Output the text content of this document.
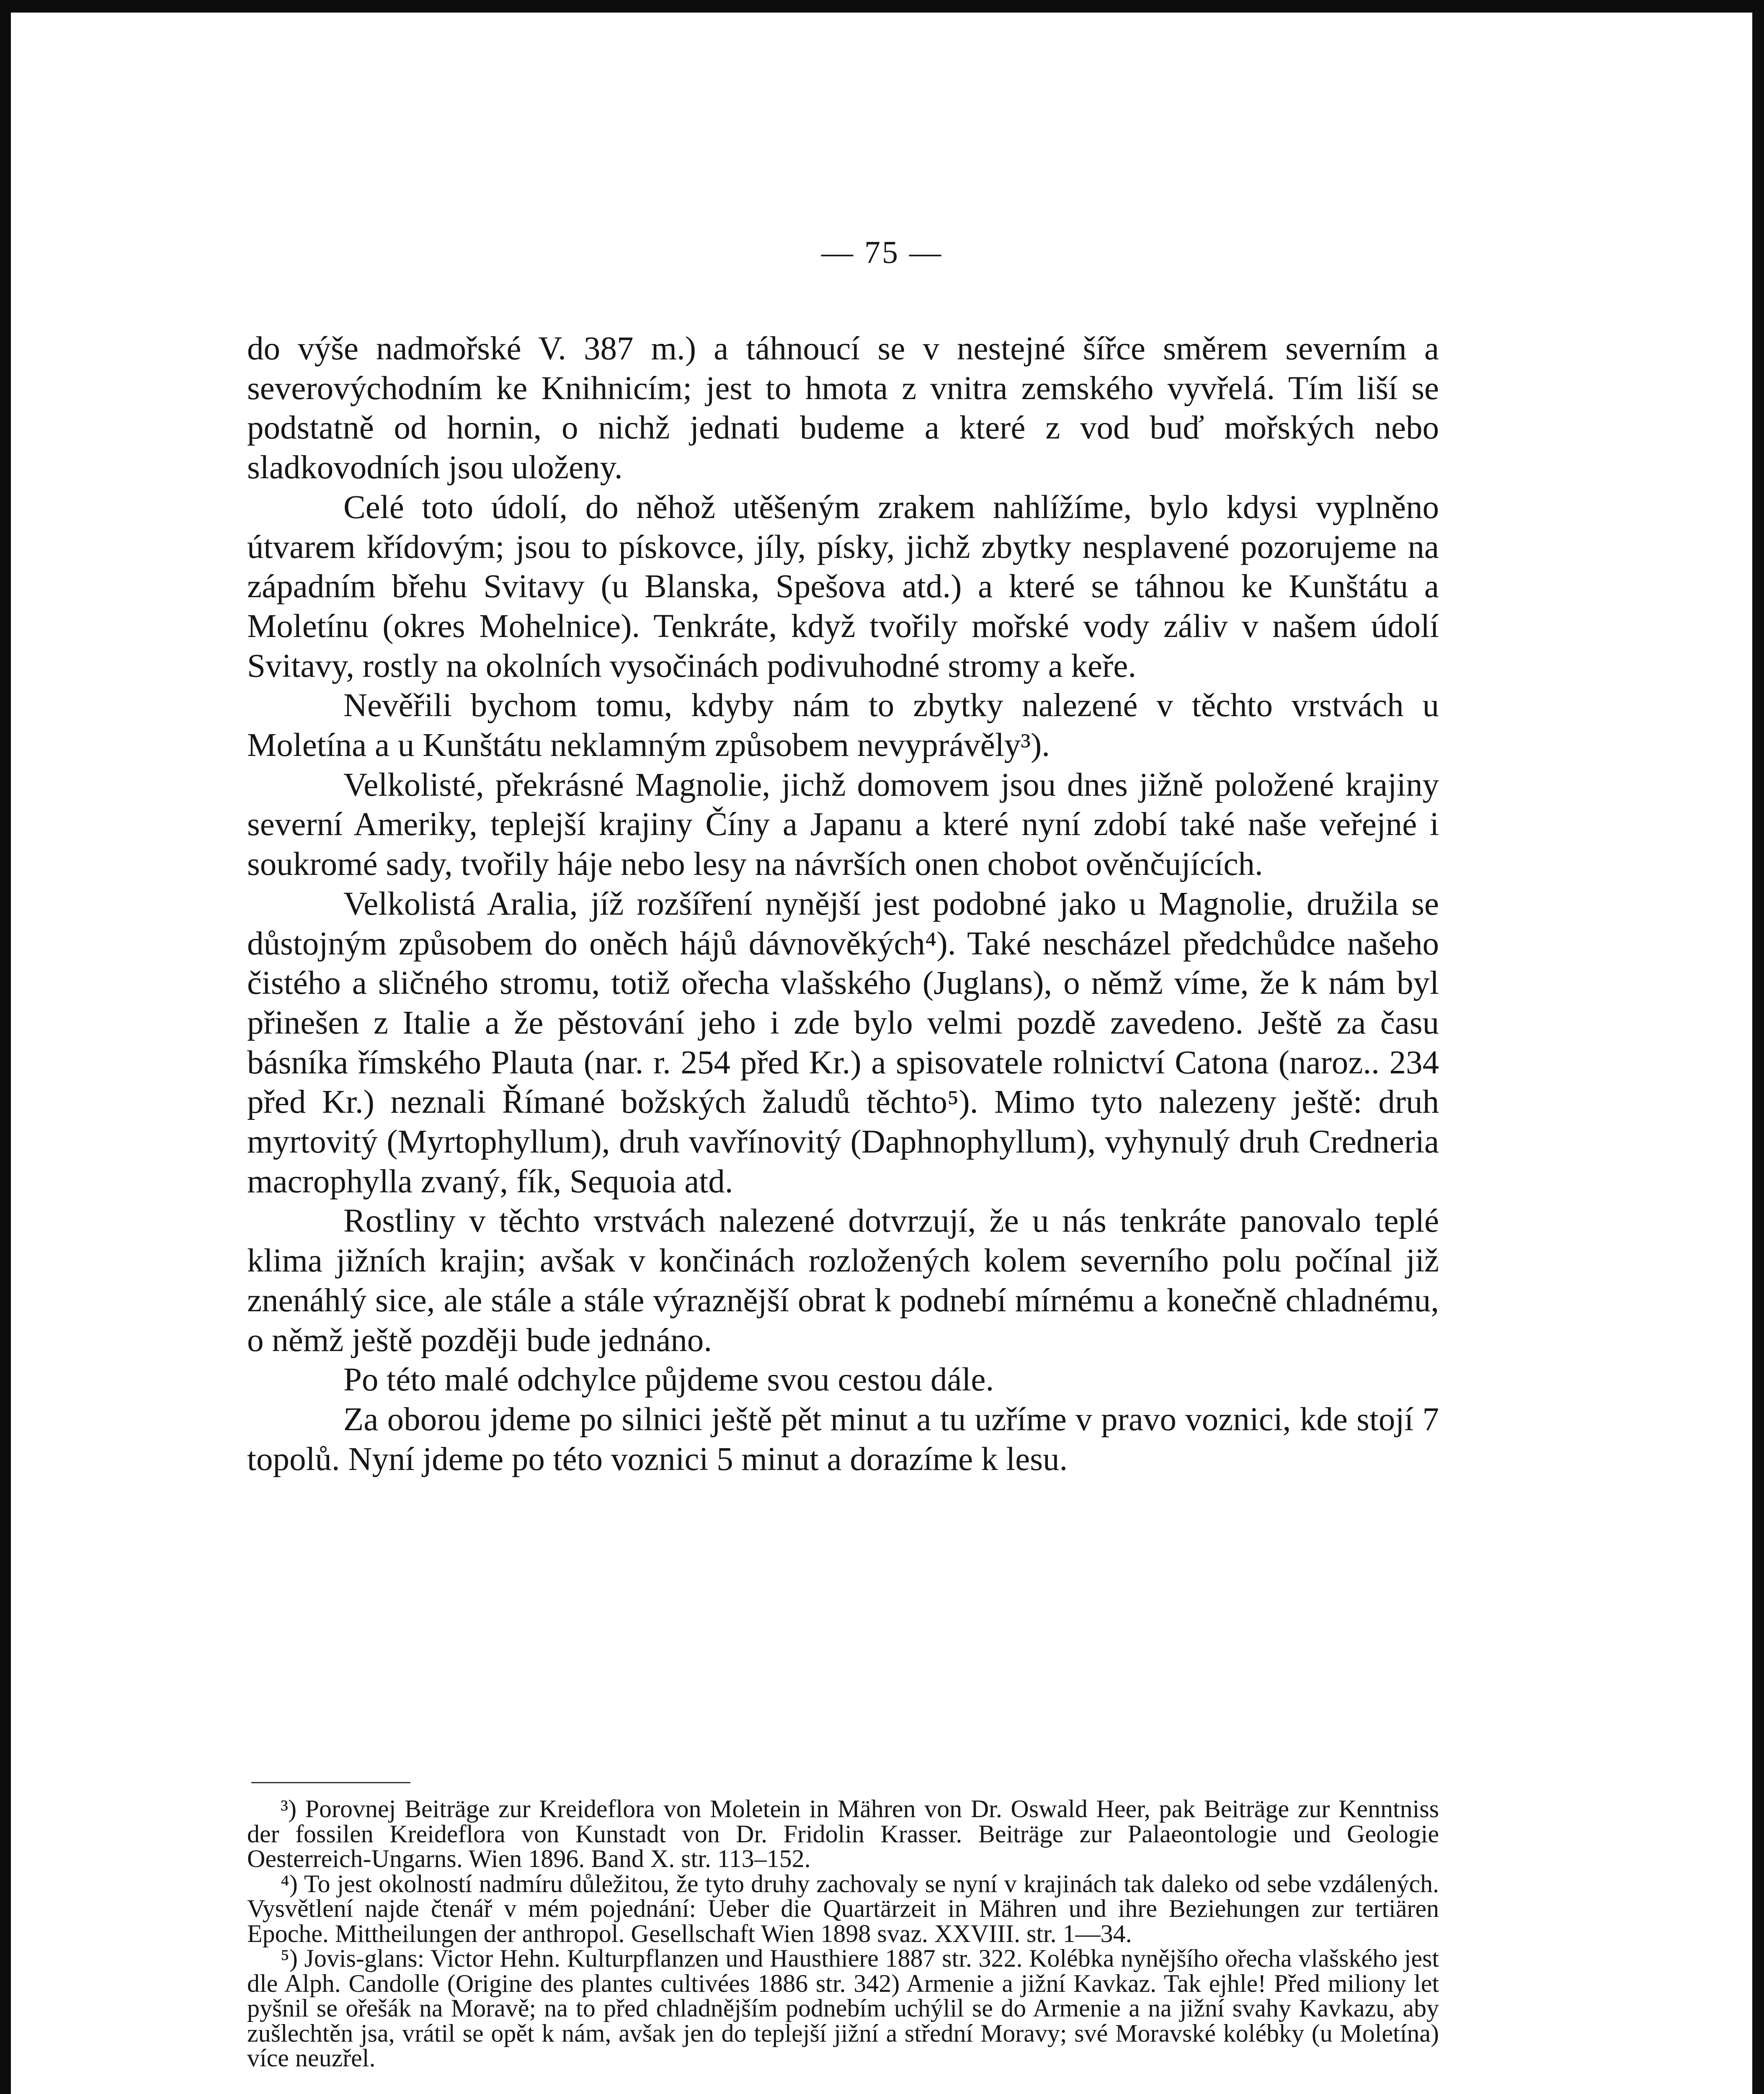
— 75 —

do výše nadmořské V. 387 m.) a táhnoucí se v nestejné šířce směrem severním a severovýchodním ke Knihnicím; jest to hmota z vnitra zemského vyvřelá. Tím liší se podstatně od hornin, o nichž jednati budeme a které z vod buď mořských nebo sladkovodních jsou uloženy.

Celé toto údolí, do něhož utěšeným zrakem nahlížíme, bylo kdysi vyplněno útvarem křídovým; jsou to pískovce, jíly, písky, jichž zbytky nesplavené pozorujeme na západním břehu Svitavy (u Blanska, Spešova atd.) a které se táhnou ke Kunštátu a Moletínu (okres Mohelnice). Tenkráte, když tvořily mořské vody záliv v našem údolí Svitavy, rostly na okolních vysočinách podivuhodné stromy a keře.

Nevěřili bychom tomu, kdyby nám to zbytky nalezené v těchto vrstvách u Moletína a u Kunštátu neklamným způsobem nevyprávěly³).

Velkolisté, překrásné Magnolie, jichž domovem jsou dnes jižně položené krajiny severní Ameriky, teplejší krajiny Číny a Japanu a které nyní zdobí také naše veřejné i soukromé sady, tvořily háje nebo lesy na návrších onen chobot ověnčujících.

Velkolistá Aralia, jíž rozšíření nynější jest podobné jako u Magnolie, družila se důstojným způsobem do oněch hájů dávnověkých⁴). Také nescházel předchůdce našeho čistého a sličného stromu, totiž ořecha vlašského (Juglans), o němž víme, že k nám byl přinešen z Italie a že pěstování jeho i zde bylo velmi pozdě zavedeno. Ještě za času básníka římského Plauta (nar. r. 254 před Kr.) a spisovatele rolnictví Catona (naroz.. 234 před Kr.) neznali Římané božských žaludů těchto⁵). Mimo tyto nalezeny ještě: druh myrtovitý (Myrtophyllum), druh vavřínovitý (Daphnophyllum), vyhynulý druh Credneria macrophylla zvaný, fík, Sequoia atd.

Rostliny v těchto vrstvách nalezené dotvrzují, že u nás tenkráte panovalo teplé klima jižních krajin; avšak v končinách rozložených kolem severního polu počínal již znenáhlý sice, ale stále a stále výraznější obrat k podnebí mírnému a konečně chladnému, o němž ještě později bude jednáno.

Po této malé odchylce půjdeme svou cestou dále.

Za oborou jdeme po silnici ještě pět minut a tu uzříme v pravo voznici, kde stojí 7 topolů. Nyní jdeme po této voznici 5 minut a dorazíme k lesu.

³) Porovnej Beiträge zur Kreideflora von Moletein in Mähren von Dr. Oswald Heer, pak Beiträge zur Kenntniss der fossilen Kreideflora von Kunstadt von Dr. Fridolin Krasser. Beiträge zur Palaeontologie und Geologie Oesterreich-Ungarns. Wien 1896. Band X. str. 113–152.

⁴) To jest okolností nadmíru důležitou, že tyto druhy zachovaly se nyní v krajinách tak daleko od sebe vzdálených. Vysvětlení najde čtenář v mém pojednání: Ueber die Quartärzeit in Mähren und ihre Beziehungen zur tertiären Epoche. Mittheilungen der anthropol. Gesellschaft Wien 1898 svaz. XXVIII. str. 1—34.

⁵) Jovis-glans: Victor Hehn. Kulturpflanzen und Hausthiere 1887 str. 322. Kolébka nynějšího ořecha vlašského jest dle Alph. Candolle (Origine des plantes cultivées 1886 str. 342) Armenie a jižní Kavkaz. Tak ejhle! Před miliony let pyšnil se ořešák na Moravě; na to před chladnějším podnebím uchýlil se do Armenie a na jižní svahy Kavkazu, aby zušlechtěn jsa, vrátil se opět k nám, avšak jen do teplejší jižní a střední Moravy; své Moravské kolébky (u Moletína) více neuzřel.
